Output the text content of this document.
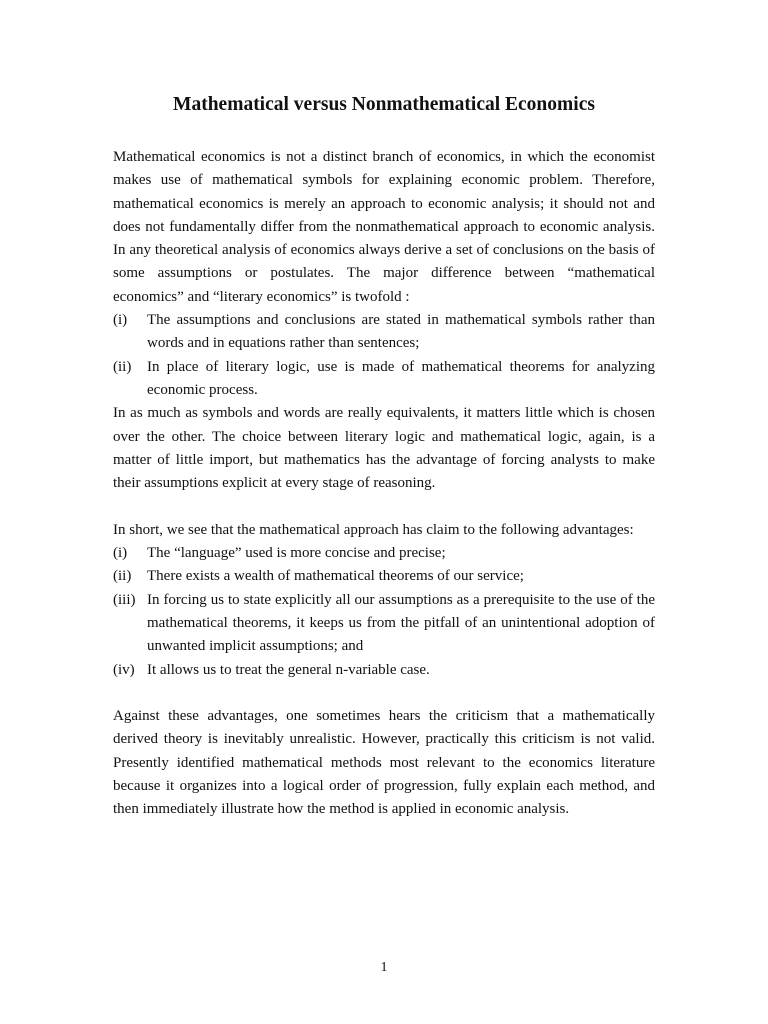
Mathematical versus Nonmathematical Economics

Mathematical economics is not a distinct branch of economics, in which the economist makes use of mathematical symbols for explaining economic problem. Therefore, mathematical economics is merely an approach to economic analysis; it should not and does not fundamentally differ from the nonmathematical approach to economic analysis. In any theoretical analysis of economics always derive a set of conclusions on the basis of some assumptions or postulates. The major difference between “mathematical economics” and “literary economics” is twofold :

(i) The assumptions and conclusions are stated in mathematical symbols rather than words and in equations rather than sentences;
(ii) In place of literary logic, use is made of mathematical theorems for analyzing economic process.

In as much as symbols and words are really equivalents, it matters little which is chosen over the other. The choice between literary logic and mathematical logic, again, is a matter of little import, but mathematics has the advantage of forcing analysts to make their assumptions explicit at every stage of reasoning.

In short, we see that the mathematical approach has claim to the following advantages:

(i) The “language” used is more concise and precise;
(ii) There exists a wealth of mathematical theorems of our service;
(iii) In forcing us to state explicitly all our assumptions as a prerequisite to the use of the mathematical theorems, it keeps us from the pitfall of an unintentional adoption of unwanted implicit assumptions; and
(iv) It allows us to treat the general n-variable case.

Against these advantages, one sometimes hears the criticism that a mathematically derived theory is inevitably unrealistic. However, practically this criticism is not valid. Presently identified mathematical methods most relevant to the economics literature because it organizes into a logical order of progression, fully explain each method, and then immediately illustrate how the method is applied in economic analysis.

1
